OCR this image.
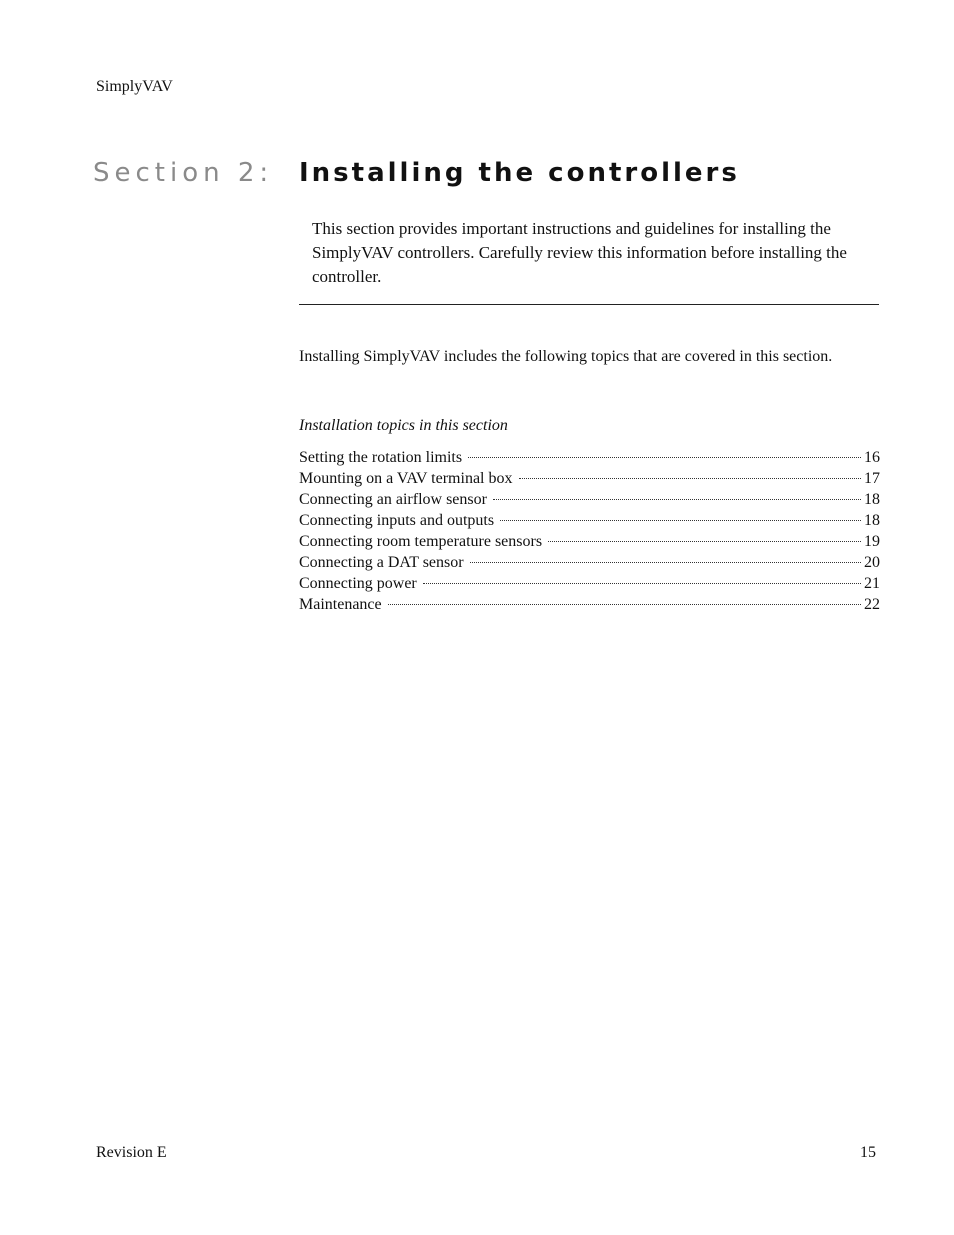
SimplyVAV
Section 2: Installing the controllers
This section provides important instructions and guidelines for installing the SimplyVAV controllers. Carefully review this information before installing the controller.

Installing SimplyVAV includes the following topics that are covered in this section.

Installation topics in this section
Setting the rotation limits	16
Mounting on a VAV terminal box	17
Connecting an airflow sensor	18
Connecting inputs and outputs	18
Connecting room temperature sensors	19
Connecting a DAT sensor	20
Connecting power	21
Maintenance	22
Revision E	15
